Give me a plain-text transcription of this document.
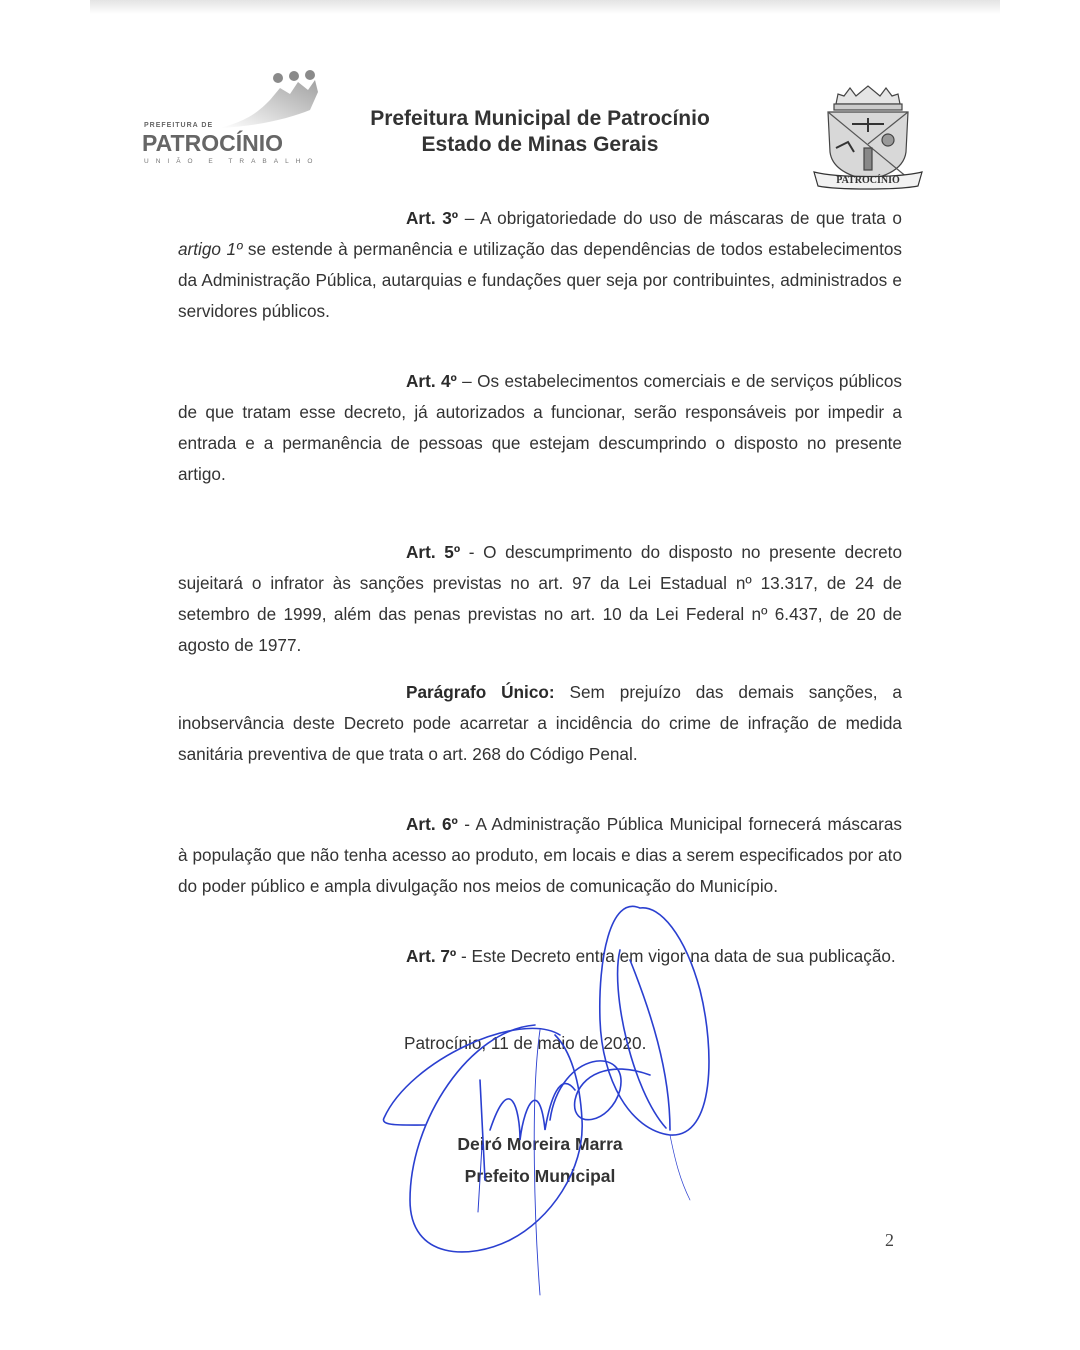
PREFEITURA DE
PATROCÍNIO
UNIÃO E TRABALHO
Prefeitura Municipal de Patrocínio
Estado de Minas Gerais
PATROCÍNIO

Art. 3º – A obrigatoriedade do uso de máscaras de que trata o artigo 1º se estende à permanência e utilização das dependências de todos estabelecimentos da Administração Pública, autarquias e fundações quer seja por contribuintes, administrados e servidores públicos.

Art. 4º – Os estabelecimentos comerciais e de serviços públicos de que tratam esse decreto, já autorizados a funcionar, serão responsáveis por impedir a entrada e a permanência de pessoas que estejam descumprindo o disposto no presente artigo.

Art. 5º - O descumprimento do disposto no presente decreto sujeitará o infrator às sanções previstas no art. 97 da Lei Estadual nº 13.317, de 24 de setembro de 1999, além das penas previstas no art. 10 da Lei Federal nº 6.437, de 20 de agosto de 1977.

Parágrafo Único: Sem prejuízo das demais sanções, a inobservância deste Decreto pode acarretar a incidência do crime de infração de medida sanitária preventiva de que trata o art. 268 do Código Penal.

Art. 6º - A Administração Pública Municipal fornecerá máscaras à população que não tenha acesso ao produto, em locais e dias a serem especificados por ato do poder público e ampla divulgação nos meios de comunicação do Município.

Art. 7º - Este Decreto entra em vigor na data de sua publicação.

Patrocínio, 11 de maio de 2020.
Deiró Moreira Marra
Prefeito Municipal
2
